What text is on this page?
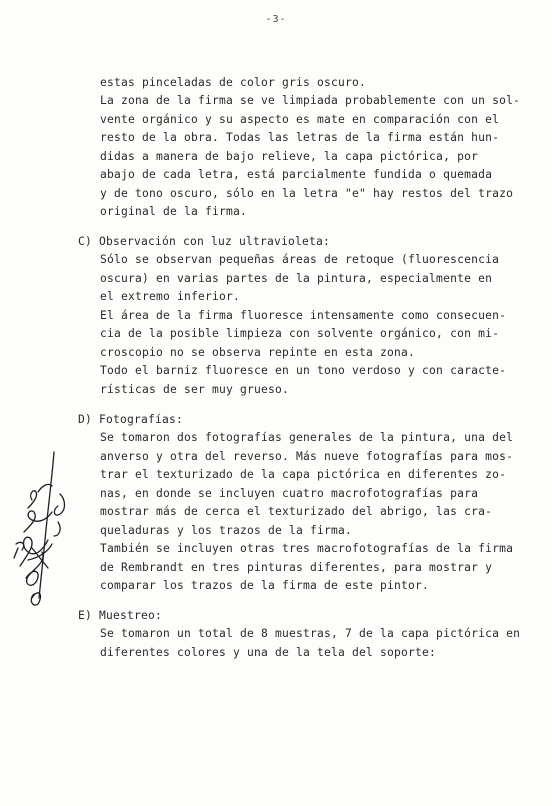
-3-
estas pinceladas de color gris oscuro.
La zona de la firma se ve limpiada probablemente con un sol-
vente orgánico y su aspecto es mate en comparación con el
resto de la obra. Todas las letras de la firma están hun-
didas a manera de bajo relieve, la capa pictórica, por
abajo de cada letra, está parcialmente fundida o quemada
y de tono oscuro, sólo en la letra "e" hay restos del trazo
original de la firma.
C) Observación con luz ultravioleta:
Sólo se observan pequeñas áreas de retoque (fluorescencia
oscura) en varias partes de la pintura, especialmente en
el extremo inferior.
El área de la firma fluoresce intensamente como consecuen-
cia de la posible limpieza con solvente orgánico, con mi-
croscopio no se observa repinte en esta zona.
Todo el barniz fluoresce en un tono verdoso y con caracte-
rísticas de ser muy grueso.
D) Fotografías:
Se tomaron dos fotografías generales de la pintura, una del
anverso y otra del reverso. Más nueve fotografías para mos-
trar el texturizado de la capa pictórica en diferentes zo-
nas, en donde se incluyen cuatro macrofotografías para
mostrar más de cerca el texturizado del abrigo, las cra-
queladuras y los trazos de la firma.
También se incluyen otras tres macrofotografías de la firma
de Rembrandt en tres pinturas diferentes, para mostrar y
comparar los trazos de la firma de este pintor.
E) Muestreo:
Se tomaron un total de 8 muestras, 7 de la capa pictórica en
diferentes colores y una de la tela del soporte:
